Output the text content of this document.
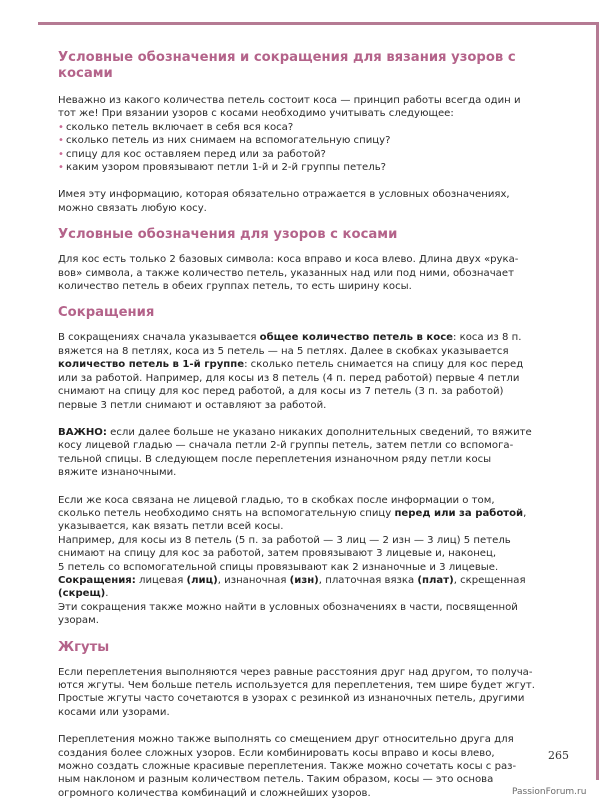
Условные обозначения и сокращения для вязания узоров с косами

Неважно из какого количества петель состоит коса — принцип работы всегда один и
тот же! При вязании узоров с косами необходимо учитывать следующее:

• сколько петель включает в себя вся коса?
• сколько петель из них снимаем на вспомогательную спицу?
• спицу для кос оставляем перед или за работой?
• каким узором провязывают петли 1-й и 2-й группы петель?

Имея эту информацию, которая обязательно отражается в условных обозначениях,
можно связать любую косу.

Условные обозначения для узоров с косами

Для кос есть только 2 базовых символа: коса вправо и коса влево. Длина двух «рука-
вов» символа, а также количество петель, указанных над или под ними, обозначает
количество петель в обеих группах петель, то есть ширину косы.

Сокращения

В сокращениях сначала указывается общее количество петель в косе: коса из 8 п.
вяжется на 8 петлях, коса из 5 петель — на 5 петлях. Далее в скобках указывается
количество петель в 1-й группе: сколько петель снимается на спицу для кос перед
или за работой. Например, для косы из 8 петель (4 п. перед работой) первые 4 петли
снимают на спицу для кос перед работой, а для косы из 7 петель (3 п. за работой)
первые 3 петли снимают и оставляют за работой.

ВАЖНО: если далее больше не указано никаких дополнительных сведений, то вяжите
косу лицевой гладью — сначала петли 2-й группы петель, затем петли со вспомога-
тельной спицы. В следующем после переплетения изнаночном ряду петли косы
вяжите изнаночными.

Если же коса связана не лицевой гладью, то в скобках после информации о том,
сколько петель необходимо снять на вспомогательную спицу перед или за работой,
указывается, как вязать петли всей косы.
Например, для косы из 8 петель (5 п. за работой — 3 лиц — 2 изн — 3 лиц) 5 петель
снимают на спицу для кос за работой, затем провязывают 3 лицевые и, наконец,
5 петель со вспомогательной спицы провязывают как 2 изнаночные и 3 лицевые.
Сокращения: лицевая (лиц), изнаночная (изн), платочная вязка (плат), скрещенная (скрещ).
Эти сокращения также можно найти в условных обозначениях в части, посвященной
узорам.

Жгуты

Если переплетения выполняются через равные расстояния друг над другом, то получа-
ются жгуты. Чем больше петель используется для переплетения, тем шире будет жгут.
Простые жгуты часто сочетаются в узорах с резинкой из изнаночных петель, другими
косами или узорами.

Переплетения можно также выполнять со смещением друг относительно друга для
создания более сложных узоров. Если комбинировать косы вправо и косы влево,
можно создать сложные красивые переплетения. Также можно сочетать косы с раз-
ным наклоном и разным количеством петель. Таким образом, косы — это основа
огромного количества комбинаций и сложнейших узоров.

265
PassionForum.ru
